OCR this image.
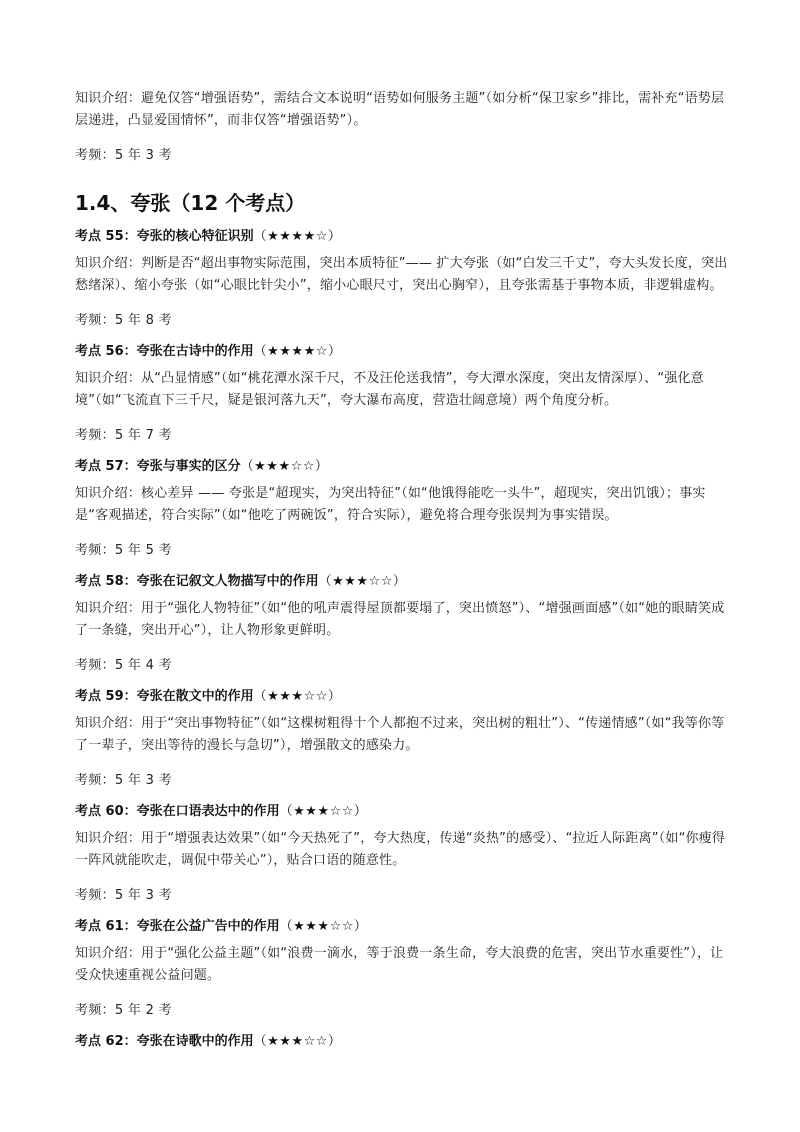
知识介绍：避免仅答“增强语势”，需结合文本说明“语势如何服务主题”（如分析“保卫家乡”排比，需补充“语势层层递进，凸显爱国情怀”，而非仅答“增强语势”）。

考频：5 年 3 考

1.4、夸张（12 个考点）
考点 55：夸张的核心特征识别（★★★★☆）

知识介绍：判断是否“超出事物实际范围，突出本质特征”—— 扩大夸张（如“白发三千丈”，夸大头发长度，突出愁绪深）、缩小夸张（如“心眼比针尖小”，缩小心眼尺寸，突出心胸窄），且夸张需基于事物本质，非逻辑虚构。

考频：5 年 8 考

考点 56：夸张在古诗中的作用（★★★★☆）

知识介绍：从“凸显情感”（如“桃花潭水深千尺，不及汪伦送我情”，夸大潭水深度，突出友情深厚）、“强化意境”（如“飞流直下三千尺，疑是银河落九天”，夸大瀑布高度，营造壮阔意境）两个角度分析。

考频：5 年 7 考

考点 57：夸张与事实的区分（★★★☆☆）

知识介绍：核心差异 —— 夸张是“超现实，为突出特征”（如“他饿得能吃一头牛”，超现实，突出饥饿）；事实是“客观描述，符合实际”（如“他吃了两碗饭”，符合实际），避免将合理夸张误判为事实错误。

考频：5 年 5 考

考点 58：夸张在记叙文人物描写中的作用（★★★☆☆）

知识介绍：用于“强化人物特征”（如“他的吼声震得屋顶都要塌了，突出愤怒”）、“增强画面感”（如“她的眼睛笑成了一条缝，突出开心”），让人物形象更鲜明。

考频：5 年 4 考

考点 59：夸张在散文中的作用（★★★☆☆）

知识介绍：用于“突出事物特征”（如“这棵树粗得十个人都抱不过来，突出树的粗壮”）、“传递情感”（如“我等你等了一辈子，突出等待的漫长与急切”），增强散文的感染力。

考频：5 年 3 考

考点 60：夸张在口语表达中的作用（★★★☆☆）

知识介绍：用于“增强表达效果”（如“今天热死了”，夸大热度，传递“炎热”的感受）、“拉近人际距离”（如“你瘦得一阵风就能吹走，调侃中带关心”），贴合口语的随意性。

考频：5 年 3 考

考点 61：夸张在公益广告中的作用（★★★☆☆）

知识介绍：用于“强化公益主题”（如“浪费一滴水，等于浪费一条生命，夸大浪费的危害，突出节水重要性”），让受众快速重视公益问题。

考频：5 年 2 考

考点 62：夸张在诗歌中的作用（★★★☆☆）
